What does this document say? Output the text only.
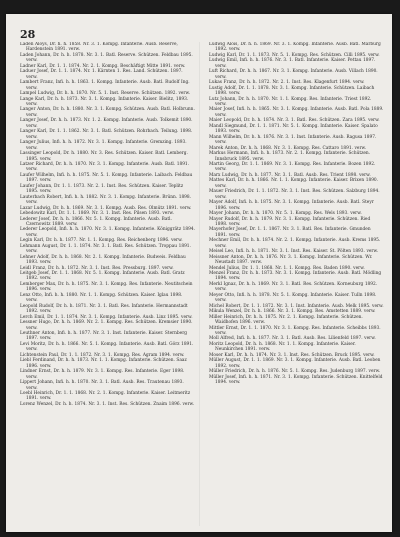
28

Laden Aloys, Dr. h. h. 1858. Nr. 3. 1. Kompg. Infanterie. Ausb. Reserve, Hardenstein 1891. verw.

Laden Johann, Dr. h. h. 1878. Nr. 3. 1. Batl. Reserve. Schützen. Feldbau 1895. verw.

Ladner Karl, Dr. 1. 1. 1874. Nr. 2. 1. Kompg. Beschäftigt Mitte 1891. verw.

Laduer Josef, Dr. 1. 1. 1874. Nr. 1. Kärnten 1. Res. Land. Schützen. 1897. verw.

Lambert Franz, Infi. h. h. 1863. 1. Kompg. Infanterie. Ausb. Batl. Rudolf Ing. verw.

Lampel Ludwig, Dr. h. h. 1870. Nr. 5. 1. Inst. Reserve. Schützen. 1892. verw.

Lange Karl, Dr. h. h. 1873. Nr. 3. 1. Kompg. Infanterie. Kaiser. Bielitz, 1893. verw.

Langer Anton, Dr. h. h. 1880. Nr. 3. 1. Kompg. Schützen. Ausb. Batl. Holbrunn. verw.

Langer Josef, Dr. h. h. 1873. Nr. 1. 2. Kompg. Infanterie. Ausb. Tolkemit 1890. verw.

Langer Karl, Dr. 1. 1. 1862. Nr. 3. 1. Batl. Schützen. Rohrbach. Teilung. 1898. verw.

Langer Julius, Infi. h. h. 1872. Nr. 3. 1. Kompg. Infanterie. Gremzing. 1893. verw.

Lassinger Leopold, Dr. h. 1880. Nr. 3. Res. Schützen. Kaiser. Batl. Lemberg. 1895. verw.

Latzer Richard, Dr. h. h. 1870. Nr. 3. 1. Kompg. Infanterie. Ausb. Batl. 1891. verw.

Laufer Wilhelm, Infi. h. h. 1875. Nr. 5. 1. Kompg. Infanterie. Laibach. Feldbau 1897. verw.

Laufer Johann, Dr. 1. 1. 1873. Nr. 2. 1. Inst. Res. Schützen. Kaiser. Teplitz 1895. verw.

Lauterbach Robert, Infi. h. h. 1882. Nr. 3. 1. Kompg. Infanterie. Brünn. 1898. verw.

Lazar Ludwig, Dr. h. h. 1869. Nr. 3. 1. Kompg. Ausb. Res. Olmütz 1891. verw.

Lebedowitz Karl, Dr. 1. 1. 1869. Nr. 3. 1. Inst. Res. Pilsen 1893. verw.

Lederer Josef, Dr. h. h. 1866. Nr. 5. 1. Kompg. Infanterie. Ausb. Batl. Czernowitz 1889. verw.

Lederer Leopold, Infi. h. h. 1870. Nr. 3. 1. Kompg. Infanterie. Königgrätz 1894. verw.

Legin Karl, Dr. h. h. 1877. Nr. 1. 1. Kompg. Res. Reichenberg 1896. verw.

Lehmann August, Dr. 1. 1. 1874. Nr. 3. 1. Batl. Res. Schützen. Troppau 1891. verw.

Lehner Adolf, Dr. h. h. 1868. Nr. 2. 1. Kompg. Infanterie. Budweis. Feldbau 1893. verw.

Leidl Franz, Dr. h. h. 1872. Nr. 3. 1. Inst. Res. Pressburg. 1897. verw.

Leitgeb Josef, Dr. 1. 1. 1868. Nr. 5. 1. Kompg. Infanterie. Ausb. Batl. Gratz 1892. verw.

Lemberger Max, Dr. h. h. 1875. Nr. 3. 1. Kompg. Res. Infanterie. Neutitschein 1896. verw.

Lenz Otto, Infi. h. h. 1880. Nr. 1. 1. Kompg. Schützen. Kaiser. Iglau 1898. verw.

Leopold Rudolf, Dr. h. h. 1871. Nr. 3. 1. Batl. Res. Infanterie. Hermannstadt 1892. verw.

Lerch Emil, Dr. 1. 1. 1874. Nr. 3. 1. Kompg. Infanterie. Ausb. Linz 1895. verw.

Lessner Hugo, Dr. h. h. 1869. Nr. 2. 1. Kompg. Res. Schützen. Kremsier 1890. verw.

Leuthner Anton, Infi. h. h. 1877. Nr. 3. 1. Inst. Infanterie. Kaiser. Sternberg 1897. verw.

Levi Moritz, Dr. h. h. 1866. Nr. 5. 1. Kompg. Infanterie. Ausb. Batl. Görz 1891. verw.

Lichtenstein Paul, Dr. 1. 1. 1872. Nr. 3. 1. Kompg. Res. Agram 1894. verw.

Liebl Ferdinand, Dr. h. h. 1873. Nr. 1. 1. Kompg. Infanterie. Schützen. Saaz 1896. verw.

Lindner Ernst, Dr. h. h. 1879. Nr. 3. 1. Kompg. Res. Infanterie. Eger 1898. verw.

Lippert Johann, Infi. h. h. 1870. Nr. 3. 1. Batl. Ausb. Res. Trautenau 1893. verw.

Loebl Heinrich, Dr. 1. 1. 1868. Nr. 2. 1. Kompg. Infanterie. Kaiser. Leitmeritz 1891. verw.

Lorenz Wenzel, Dr. h. h. 1874. Nr. 3. 1. Inst. Res. Schützen. Znaim 1896. verw.

Ludwig Alois, Dr. h. h. 1869. Nr. 3. 1. Kompg. Infanterie. Ausb. Batl. Marburg 1892. verw.

Ludwig Karl, Dr. 1. 1. 1873. Nr. 5. 1. Kompg. Res. Schützen. Cilli 1895. verw.

Ludwig Emil, Infi. h. h. 1876. Nr. 3. 1. Batl. Infanterie. Kaiser. Pettau 1897. verw.

Luft Richard, Dr. h. h. 1867. Nr. 3. 1. Kompg. Infanterie. Ausb. Villach 1890. verw.

Lukas Franz, Dr. h. h. 1872. Nr. 2. 1. Inst. Res. Klagenfurt 1894. verw.

Lustig Adolf, Dr. 1. 1. 1878. Nr. 3. 1. Kompg. Infanterie. Schützen. Laibach 1898. verw.

Lutz Johann, Dr. h. h. 1870. Nr. 1. 1. Kompg. Res. Infanterie. Triest 1892. verw.

Maier Josef, Infi. h. h. 1865. Nr. 3. 1. Kompg. Infanterie. Ausb. Batl. Pola 1889. verw.

Maier Leopold, Dr. h. h. 1874. Nr. 3. 1. Batl. Res. Schützen. Zara 1895. verw.

Mandl Siegmund, Dr. 1. 1. 1871. Nr. 5. 1. Kompg. Infanterie. Kaiser. Spalato 1893. verw.

Mann Wilhelm, Dr. h. h. 1876. Nr. 3. 1. Inst. Infanterie. Ausb. Ragusa 1897. verw.

Marek Anton, Dr. h. h. 1868. Nr. 3. 1. Kompg. Res. Cattaro 1891. verw.

Markus Hermann, Infi. h. h. 1873. Nr. 2. 1. Kompg. Infanterie. Schützen. Innsbruck 1895. verw.

Martin Georg, Dr. 1. 1. 1869. Nr. 3. 1. Kompg. Res. Infanterie. Bozen 1892. verw.

Marx Ludwig, Dr. h. h. 1877. Nr. 3. 1. Batl. Ausb. Res. Trient 1898. verw.

Mattes Karl, Dr. h. h. 1866. Nr. 1. 1. Kompg. Infanterie. Kaiser. Brixen 1890. verw.

Mauer Friedrich, Dr. 1. 1. 1872. Nr. 3. 1. Inst. Res. Schützen. Salzburg 1894. verw.

Mayer Adolf, Infi. h. h. 1875. Nr. 3. 1. Kompg. Infanterie. Ausb. Batl. Steyr 1896. verw.

Mayer Johann, Dr. h. h. 1870. Nr. 5. 1. Kompg. Res. Wels 1893. verw.

Mayer Rudolf, Dr. h. h. 1879. Nr. 3. 1. Kompg. Infanterie. Schützen. Ried 1898. verw.

Mayerhofer Josef, Dr. 1. 1. 1867. Nr. 3. 1. Batl. Res. Infanterie. Gmunden 1891. verw.

Mechner Emil, Dr. h. h. 1874. Nr. 2. 1. Kompg. Infanterie. Ausb. Krems 1895. verw.

Meisel Leo, Infi. h. h. 1871. Nr. 3. 1. Inst. Res. Kaiser. St. Pölten 1893. verw.

Meissner Anton, Dr. h. h. 1876. Nr. 3. 1. Kompg. Infanterie. Schützen. Wr. Neustadt 1897. verw.

Mendel Julius, Dr. 1. 1. 1868. Nr. 1. 1. Kompg. Res. Baden 1890. verw.

Menzel Franz, Dr. h. h. 1873. Nr. 3. 1. Kompg. Infanterie. Ausb. Batl. Mödling 1894. verw.

Merkl Ignaz, Dr. h. h. 1869. Nr. 3. 1. Batl. Res. Schützen. Korneuburg 1892. verw.

Meyer Otto, Infi. h. h. 1878. Nr. 5. 1. Kompg. Infanterie. Kaiser. Tulln 1898. verw.

Michel Robert, Dr. 1. 1. 1872. Nr. 3. 1. Inst. Infanterie. Ausb. Melk 1895. verw.

Mikula Wenzel, Dr. h. h. 1866. Nr. 3. 1. Kompg. Res. Amstetten 1889. verw.

Miller Heinrich, Dr. h. h. 1875. Nr. 2. 1. Kompg. Infanterie. Schützen. Waidhofen 1896. verw.

Mittler Ernst, Dr. 1. 1. 1870. Nr. 3. 1. Kompg. Res. Infanterie. Scheibbs 1893. verw.

Moll Alfred, Infi. h. h. 1877. Nr. 3. 1. Batl. Ausb. Res. Lilienfeld 1897. verw.

Moritz Leopold, Dr. h. h. 1868. Nr. 1. 1. Kompg. Infanterie. Kaiser. Neunkirchen 1891. verw.

Moser Karl, Dr. h. h. 1874. Nr. 3. 1. Inst. Res. Schützen. Bruck 1895. verw.

Müller August, Dr. 1. 1. 1869. Nr. 3. 1. Kompg. Infanterie. Ausb. Batl. Leoben 1892. verw.

Müller Friedrich, Dr. h. h. 1876. Nr. 5. 1. Kompg. Res. Judenburg 1897. verw.

Müller Josef, Infi. h. h. 1871. Nr. 3. 1. Kompg. Infanterie. Schützen. Knittelfeld 1894. verw.
